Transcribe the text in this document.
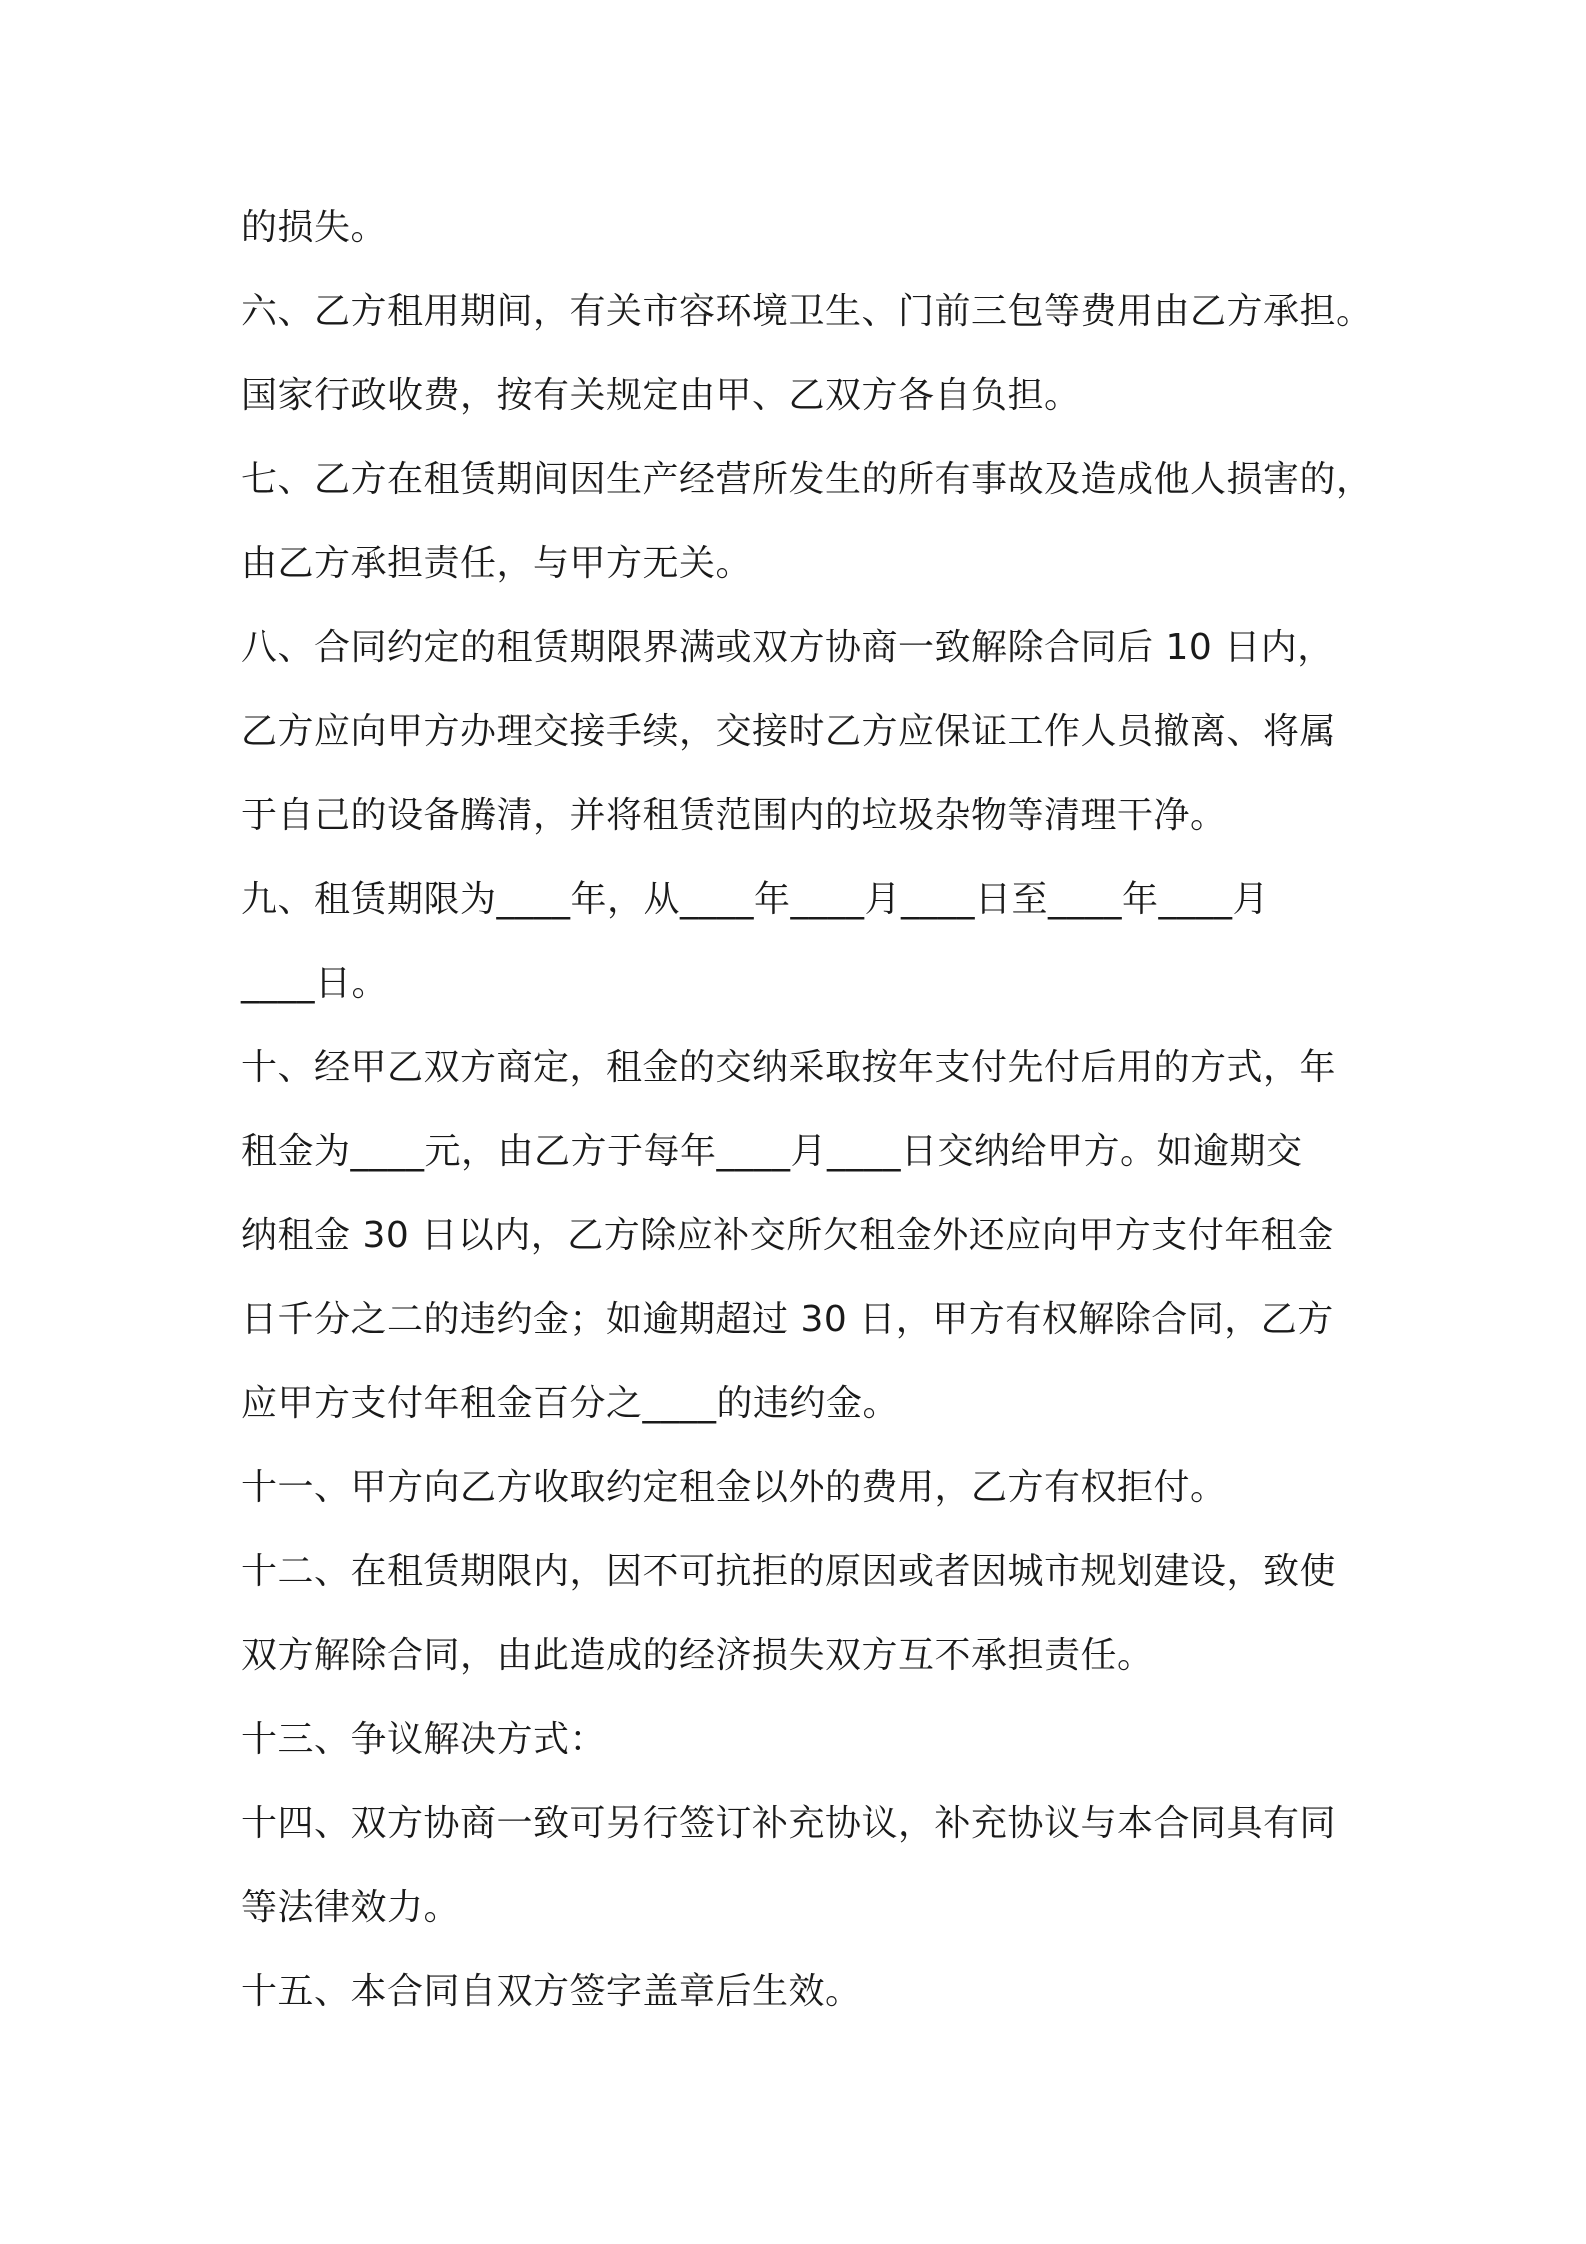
的损失。
六、乙方租用期间，有关市容环境卫生、门前三包等费用由乙方承担。
国家行政收费，按有关规定由甲、乙双方各自负担。
七、乙方在租赁期间因生产经营所发生的所有事故及造成他人损害的，
由乙方承担责任，与甲方无关。
八、合同约定的租赁期限界满或双方协商一致解除合同后 10 日内，
乙方应向甲方办理交接手续，交接时乙方应保证工作人员撤离、将属
于自己的设备腾清，并将租赁范围内的垃圾杂物等清理干净。
九、租赁期限为____年，从____年____月____日至____年____月
____日。
十、经甲乙双方商定，租金的交纳采取按年支付先付后用的方式，年
租金为____元，由乙方于每年____月____日交纳给甲方。如逾期交
纳租金 30 日以内，乙方除应补交所欠租金外还应向甲方支付年租金
日千分之二的违约金；如逾期超过 30 日，甲方有权解除合同，乙方
应甲方支付年租金百分之____的违约金。
十一、甲方向乙方收取约定租金以外的费用，乙方有权拒付。
十二、在租赁期限内，因不可抗拒的原因或者因城市规划建设，致使
双方解除合同，由此造成的经济损失双方互不承担责任。
十三、争议解决方式：
十四、双方协商一致可另行签订补充协议，补充协议与本合同具有同
等法律效力。
十五、本合同自双方签字盖章后生效。
